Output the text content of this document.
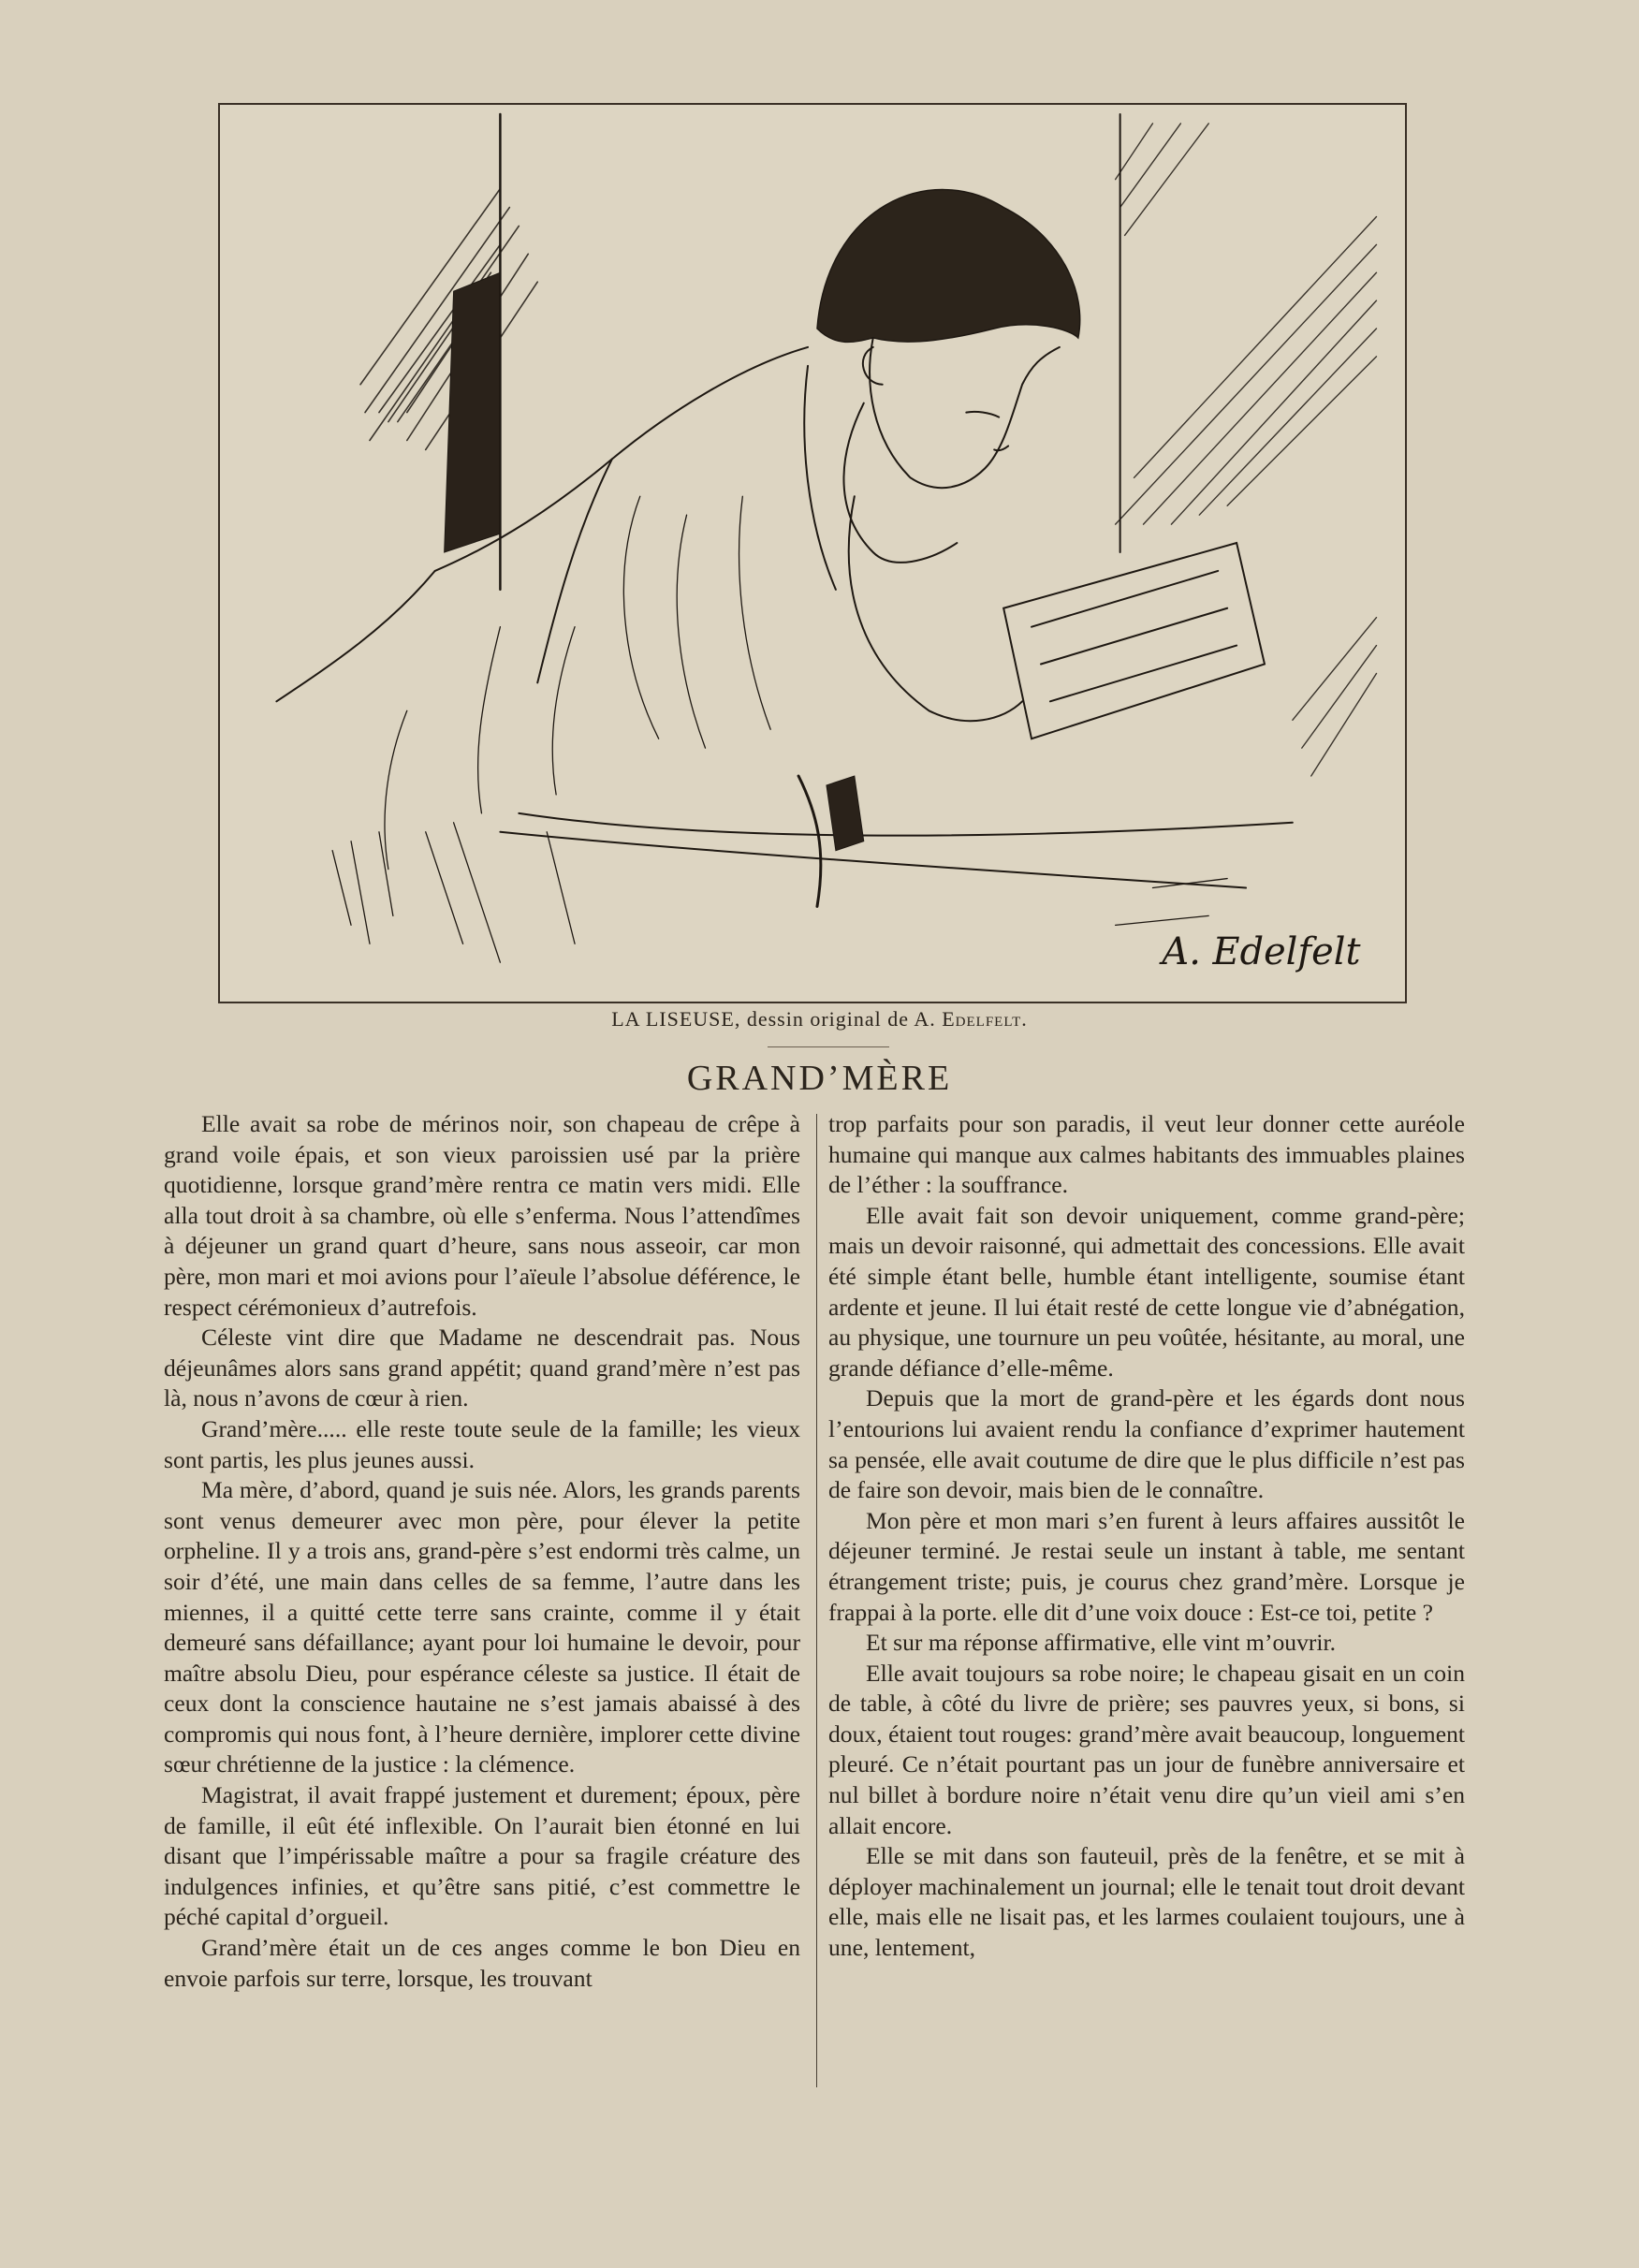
A. Edelfelt
LA LISEUSE, dessin original de A. Edelfelt.
GRAND’MÈRE

Elle avait sa robe de mérinos noir, son chapeau de crêpe à grand voile épais, et son vieux paroissien usé par la prière quotidienne, lorsque grand’mère rentra ce matin vers midi. Elle alla tout droit à sa chambre, où elle s’enferma. Nous l’attendîmes à déjeuner un grand quart d’heure, sans nous asseoir, car mon père, mon mari et moi avions pour l’aïeule l’absolue déférence, le respect cérémonieux d’autrefois.

Céleste vint dire que Madame ne descendrait pas. Nous déjeunâmes alors sans grand appétit; quand grand’mère n’est pas là, nous n’avons de cœur à rien.

Grand’mère..... elle reste toute seule de la famille; les vieux sont partis, les plus jeunes aussi.

Ma mère, d’abord, quand je suis née. Alors, les grands parents sont venus demeurer avec mon père, pour élever la petite orpheline. Il y a trois ans, grand-père s’est endormi très calme, un soir d’été, une main dans celles de sa femme, l’autre dans les miennes, il a quitté cette terre sans crainte, comme il y était demeuré sans défaillance; ayant pour loi humaine le devoir, pour maître absolu Dieu, pour espérance céleste sa justice. Il était de ceux dont la conscience hautaine ne s’est jamais abaissé à des compromis qui nous font, à l’heure dernière, implorer cette divine sœur chrétienne de la justice : la clémence.

Magistrat, il avait frappé justement et durement; époux, père de famille, il eût été inflexible. On l’aurait bien étonné en lui disant que l’impérissable maître a pour sa fragile créature des indulgences infinies, et qu’être sans pitié, c’est commettre le péché capital d’orgueil.

Grand’mère était un de ces anges comme le bon Dieu en envoie parfois sur terre, lorsque, les trouvant

trop parfaits pour son paradis, il veut leur donner cette auréole humaine qui manque aux calmes habitants des immuables plaines de l’éther : la souffrance.

Elle avait fait son devoir uniquement, comme grand-père; mais un devoir raisonné, qui admettait des concessions. Elle avait été simple étant belle, humble étant intelligente, soumise étant ardente et jeune. Il lui était resté de cette longue vie d’abnégation, au physique, une tournure un peu voûtée, hésitante, au moral, une grande défiance d’elle-même.

Depuis que la mort de grand-père et les égards dont nous l’entourions lui avaient rendu la confiance d’exprimer hautement sa pensée, elle avait coutume de dire que le plus difficile n’est pas de faire son devoir, mais bien de le connaître.

Mon père et mon mari s’en furent à leurs affaires aussitôt le déjeuner terminé. Je restai seule un instant à table, me sentant étrangement triste; puis, je courus chez grand’mère. Lorsque je frappai à la porte. elle dit d’une voix douce : Est-ce toi, petite ?

Et sur ma réponse affirmative, elle vint m’ouvrir.

Elle avait toujours sa robe noire; le chapeau gisait en un coin de table, à côté du livre de prière; ses pauvres yeux, si bons, si doux, étaient tout rouges: grand’mère avait beaucoup, longuement pleuré. Ce n’était pourtant pas un jour de funèbre anniversaire et nul billet à bordure noire n’était venu dire qu’un vieil ami s’en allait encore.

Elle se mit dans son fauteuil, près de la fenêtre, et se mit à déployer machinalement un journal; elle le tenait tout droit devant elle, mais elle ne lisait pas, et les larmes coulaient toujours, une à une, lentement,
